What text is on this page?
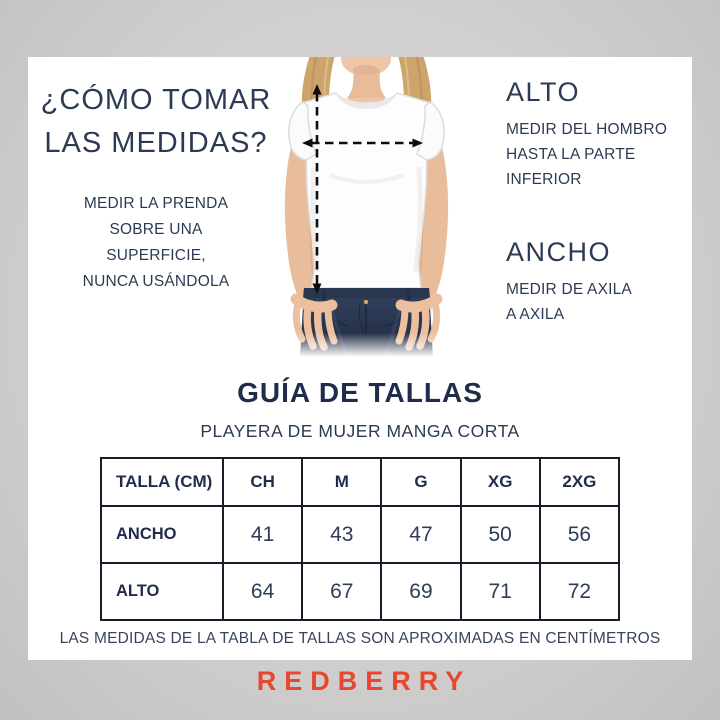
¿CÓMO TOMAR
LAS MEDIDAS?
MEDIR LA PRENDA
SOBRE UNA
SUPERFICIE,
NUNCA USÁNDOLA
ALTO
MEDIR DEL HOMBRO
HASTA LA PARTE
INFERIOR
ANCHO
MEDIR DE AXILA
A AXILA
GUÍA DE TALLAS
PLAYERA DE MUJER MANGA CORTA
TALLA (CM)	CH	M	G	XG	2XG
ANCHO	41	43	47	50	56
ALTO	64	67	69	71	72
LAS MEDIDAS DE LA TABLA DE TALLAS SON APROXIMADAS EN CENTÍMETROS
REDBERRY
